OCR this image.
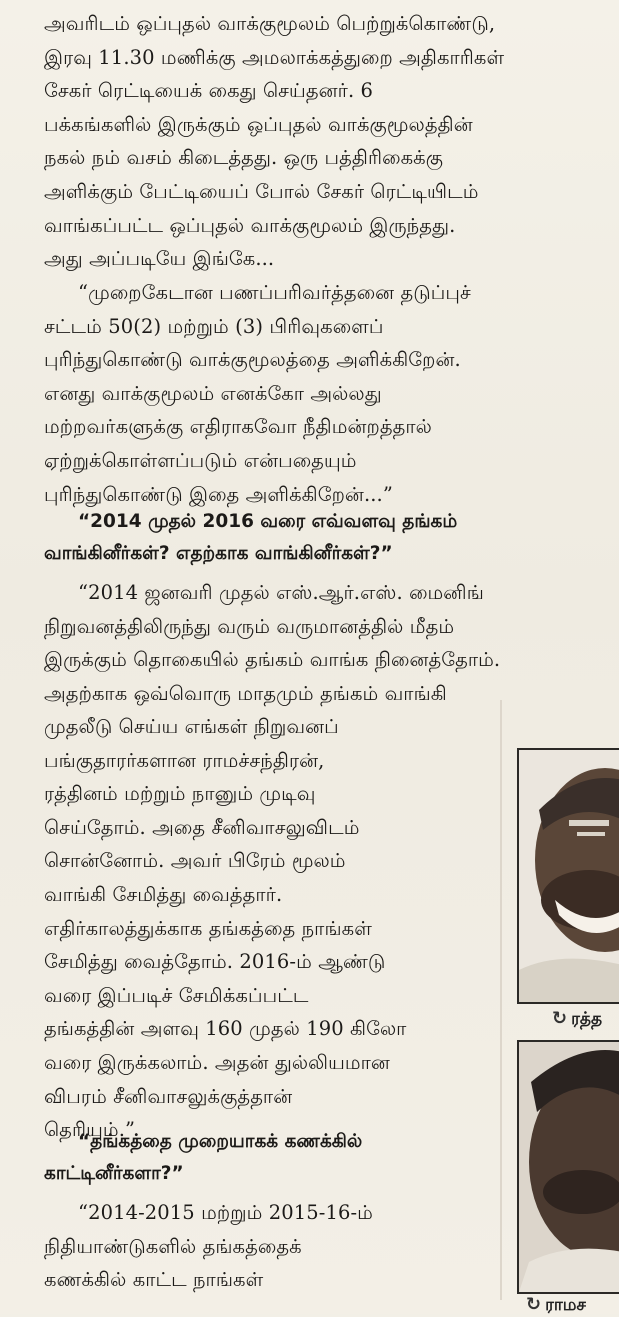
அவரிடம் ஒப்புதல் வாக்குமூலம் பெற்றுக்கொண்டு,
இரவு 11.30 மணிக்கு அமலாக்கத்துறை அதிகாரிகள்
சேகர் ரெட்டியைக் கைது செய்தனர். 6
பக்கங்களில் இருக்கும் ஒப்புதல் வாக்குமூலத்தின்
நகல் நம் வசம் கிடைத்தது. ஒரு பத்திரிகைக்கு
அளிக்கும் பேட்டியைப் போல் சேகர் ரெட்டியிடம்
வாங்கப்பட்ட ஒப்புதல் வாக்குமூலம் இருந்தது.
அது அப்படியே இங்கே...
“முறைகேடான பணப்பரிவர்த்தனை தடுப்புச்
சட்டம் 50(2) மற்றும் (3) பிரிவுகளைப்
புரிந்துகொண்டு வாக்குமூலத்தை அளிக்கிறேன்.
எனது வாக்குமூலம் எனக்கோ அல்லது
மற்றவர்களுக்கு எதிராகவோ நீதிமன்றத்தால்
ஏற்றுக்கொள்ளப்படும் என்பதையும்
புரிந்துகொண்டு இதை அளிக்கிறேன்...”
“2014 முதல் 2016 வரை எவ்வளவு தங்கம்
வாங்கினீர்கள்? எதற்காக வாங்கினீர்கள்?”
“2014 ஜனவரி முதல் எஸ்.ஆர்.எஸ். மைனிங்
நிறுவனத்திலிருந்து வரும் வருமானத்தில் மீதம்
இருக்கும் தொகையில் தங்கம் வாங்க நினைத்தோம்.
அதற்காக ஒவ்வொரு மாதமும் தங்கம் வாங்கி
முதலீடு செய்ய எங்கள் நிறுவனப்
பங்குதாரர்களான ராமச்சந்திரன்,
ரத்தினம் மற்றும் நானும் முடிவு
செய்தோம். அதை சீனிவாசலுவிடம்
சொன்னோம். அவர் பிரேம் மூலம்
வாங்கி சேமித்து வைத்தார்.
எதிர்காலத்துக்காக தங்கத்தை நாங்கள்
சேமித்து வைத்தோம். 2016-ம் ஆண்டு
வரை இப்படிச் சேமிக்கப்பட்ட
தங்கத்தின் அளவு 160 முதல் 190 கிலோ
வரை இருக்கலாம். அதன் துல்லியமான
விபரம் சீனிவாசலுக்குத்தான்
தெரியும்.”
“தங்கத்தை முறையாகக் கணக்கில்
காட்டினீர்களா?”
“2014-2015 மற்றும் 2015-16-ம்
நிதியாண்டுகளில் தங்கத்தைக்
கணக்கில் காட்ட நாங்கள்
↻ ரத்த
↻ ராமச
